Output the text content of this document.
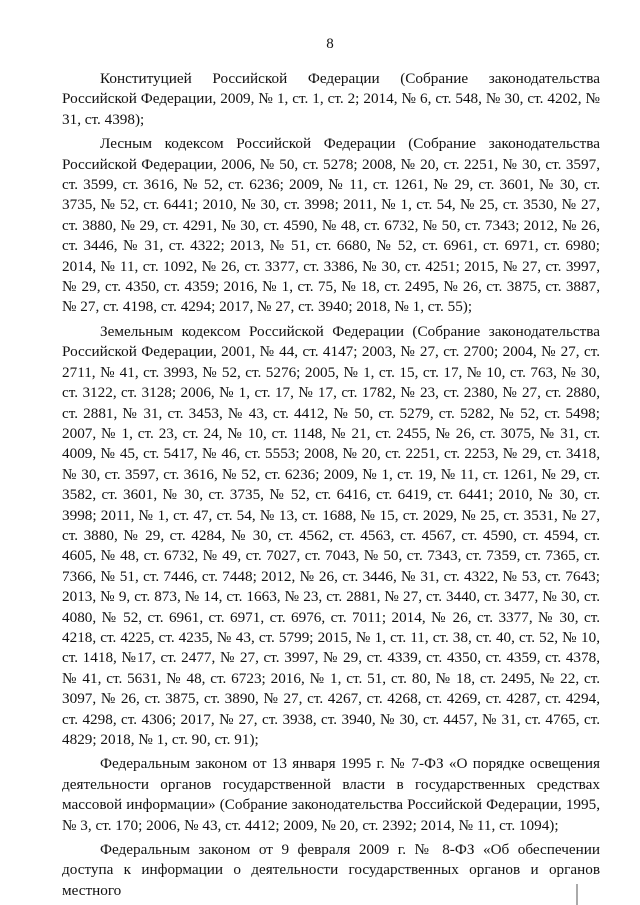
8

Конституцией Российской Федерации (Собрание законодательства Российской Федерации, 2009, № 1, ст. 1, ст. 2; 2014, № 6, ст. 548, № 30, ст. 4202, № 31, ст. 4398);

Лесным кодексом Российской Федерации (Собрание законодательства Российской Федерации, 2006, № 50, ст. 5278; 2008, № 20, ст. 2251, № 30, ст. 3597, ст. 3599, ст. 3616, № 52, ст. 6236; 2009, № 11, ст. 1261, № 29, ст. 3601, № 30, ст. 3735, № 52, ст. 6441; 2010, № 30, ст. 3998; 2011, № 1, ст. 54, № 25, ст. 3530, № 27, ст. 3880, № 29, ст. 4291, № 30, ст. 4590, № 48, ст. 6732, № 50, ст. 7343; 2012, № 26, ст. 3446, № 31, ст. 4322; 2013, № 51, ст. 6680, № 52, ст. 6961, ст. 6971, ст. 6980; 2014, № 11, ст. 1092, № 26, ст. 3377, ст. 3386, № 30, ст. 4251; 2015, № 27, ст. 3997, № 29, ст. 4350, ст. 4359; 2016, № 1, ст. 75, № 18, ст. 2495, № 26, ст. 3875, ст. 3887, № 27, ст. 4198, ст. 4294; 2017, № 27, ст. 3940; 2018, № 1, ст. 55);

Земельным кодексом Российской Федерации (Собрание законодательства Российской Федерации, 2001, № 44, ст. 4147; 2003, № 27, ст. 2700; 2004, № 27, ст. 2711, № 41, ст. 3993, № 52, ст. 5276; 2005, № 1, ст. 15, ст. 17, № 10, ст. 763, № 30, ст. 3122, ст. 3128; 2006, № 1, ст. 17, № 17, ст. 1782, № 23, ст. 2380, № 27, ст. 2880, ст. 2881, № 31, ст. 3453, № 43, ст. 4412, № 50, ст. 5279, ст. 5282, № 52, ст. 5498; 2007, № 1, ст. 23, ст. 24, № 10, ст. 1148, № 21, ст. 2455, № 26, ст. 3075, № 31, ст. 4009, № 45, ст. 5417, № 46, ст. 5553; 2008, № 20, ст. 2251, ст. 2253, № 29, ст. 3418, № 30, ст. 3597, ст. 3616, № 52, ст. 6236; 2009, № 1, ст. 19, № 11, ст. 1261, № 29, ст. 3582, ст. 3601, № 30, ст. 3735, № 52, ст. 6416, ст. 6419, ст. 6441; 2010, № 30, ст. 3998; 2011, № 1, ст. 47, ст. 54, № 13, ст. 1688, № 15, ст. 2029, № 25, ст. 3531, № 27, ст. 3880, № 29, ст. 4284, № 30, ст. 4562, ст. 4563, ст. 4567, ст. 4590, ст. 4594, ст. 4605, № 48, ст. 6732, № 49, ст. 7027, ст. 7043, № 50, ст. 7343, ст. 7359, ст. 7365, ст. 7366, № 51, ст. 7446, ст. 7448; 2012, № 26, ст. 3446, № 31, ст. 4322, № 53, ст. 7643; 2013, № 9, ст. 873, № 14, ст. 1663, № 23, ст. 2881, № 27, ст. 3440, ст. 3477, № 30, ст. 4080, № 52, ст. 6961, ст. 6971, ст. 6976, ст. 7011; 2014, № 26, ст. 3377, № 30, ст. 4218, ст. 4225, ст. 4235, № 43, ст. 5799; 2015, № 1, ст. 11, ст. 38, ст. 40, ст. 52, № 10, ст. 1418, №17, ст. 2477, № 27, ст. 3997, № 29, ст. 4339, ст. 4350, ст. 4359, ст. 4378, № 41, ст. 5631, № 48, ст. 6723; 2016, № 1, ст. 51, ст. 80, № 18, ст. 2495, № 22, ст. 3097, № 26, ст. 3875, ст. 3890, № 27, ст. 4267, ст. 4268, ст. 4269, ст. 4287, ст. 4294, ст. 4298, ст. 4306; 2017, № 27, ст. 3938, ст. 3940, № 30, ст. 4457, № 31, ст. 4765, ст. 4829; 2018, № 1, ст. 90, ст. 91);

Федеральным законом от 13 января 1995 г. № 7-ФЗ «О порядке освещения деятельности органов государственной власти в государственных средствах массовой информации» (Собрание законодательства Российской Федерации, 1995, № 3, ст. 170; 2006, № 43, ст. 4412; 2009, № 20, ст. 2392; 2014, № 11, ст. 1094);

Федеральным законом от 9 февраля 2009 г. № 8-ФЗ «Об обеспечении доступа к информации о деятельности государственных органов и органов местного
